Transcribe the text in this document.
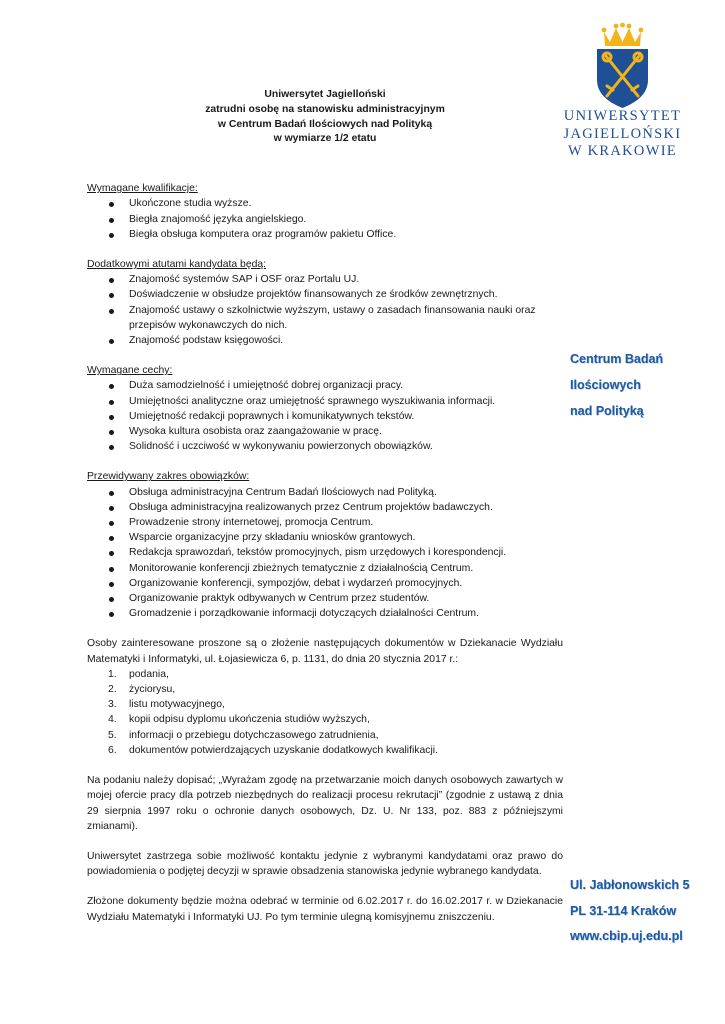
UNIWERSYTET
JAGIELLOŃSKI
W KRAKOWIE
Uniwersytet Jagielloński
zatrudni osobę na stanowisku administracyjnym
w Centrum Badań Ilościowych nad Polityką
w wymiarze 1/2 etatu
Wymagane kwalifikacje:
Ukończone studia wyższe.
Biegła znajomość języka angielskiego.
Biegła obsługa komputera oraz programów pakietu Office.
Dodatkowymi atutami kandydata będą:
Znajomość systemów SAP i OSF oraz Portalu UJ.
Doświadczenie w obsłudze projektów finansowanych ze środków zewnętrznych.
Znajomość ustawy o szkolnictwie wyższym, ustawy o zasadach finansowania nauki oraz przepisów wykonawczych do nich.
Znajomość podstaw księgowości.
Wymagane cechy:
Duża samodzielność i umiejętność dobrej organizacji pracy.
Umiejętności analityczne oraz umiejętność sprawnego wyszukiwania informacji.
Umiejętność redakcji poprawnych i komunikatywnych tekstów.
Wysoka kultura osobista oraz zaangażowanie w pracę.
Solidność i uczciwość w wykonywaniu powierzonych obowiązków.
Przewidywany zakres obowiązków:
Obsługa administracyjna Centrum Badań Ilościowych nad Polityką.
Obsługa administracyjna realizowanych przez Centrum projektów badawczych.
Prowadzenie strony internetowej, promocja Centrum.
Wsparcie organizacyjne przy składaniu wniosków grantowych.
Redakcja sprawozdań, tekstów promocyjnych, pism urzędowych i korespondencji.
Monitorowanie konferencji zbieżnych tematycznie z działalnością Centrum.
Organizowanie konferencji, sympozjów, debat i wydarzeń promocyjnych.
Organizowanie praktyk odbywanych w Centrum przez studentów.
Gromadzenie i porządkowanie informacji dotyczących działalności Centrum.
Osoby zainteresowane proszone są o złożenie następujących dokumentów w Dziekanacie Wydziału Matematyki i Informatyki, ul. Łojasiewicza 6, p. 1131, do dnia 20 stycznia 2017 r.:
1. podania,
2. życiorysu,
3. listu motywacyjnego,
4. kopii odpisu dyplomu ukończenia studiów wyższych,
5. informacji o przebiegu dotychczasowego zatrudnienia,
6. dokumentów potwierdzających uzyskanie dodatkowych kwalifikacji.
Na podaniu należy dopisać; „Wyrażam zgodę na przetwarzanie moich danych osobowych zawartych w mojej ofercie pracy dla potrzeb niezbędnych do realizacji procesu rekrutacji” (zgodnie z ustawą z dnia 29 sierpnia 1997 roku o ochronie danych osobowych, Dz. U. Nr 133, poz. 883 z późniejszymi zmianami).
Uniwersytet zastrzega sobie możliwość kontaktu jedynie z wybranymi kandydatami oraz prawo do powiadomienia o podjętej decyzji w sprawie obsadzenia stanowiska jedynie wybranego kandydata.
Złożone dokumenty będzie można odebrać w terminie od 6.02.2017 r. do 16.02.2017 r. w Dziekanacie Wydziału Matematyki i Informatyki UJ. Po tym terminie ulegną komisyjnemu zniszczeniu.
Centrum Badań
Ilościowych
nad Polityką
Ul. Jabłonowskich 5
PL 31-114 Kraków
www.cbip.uj.edu.pl
